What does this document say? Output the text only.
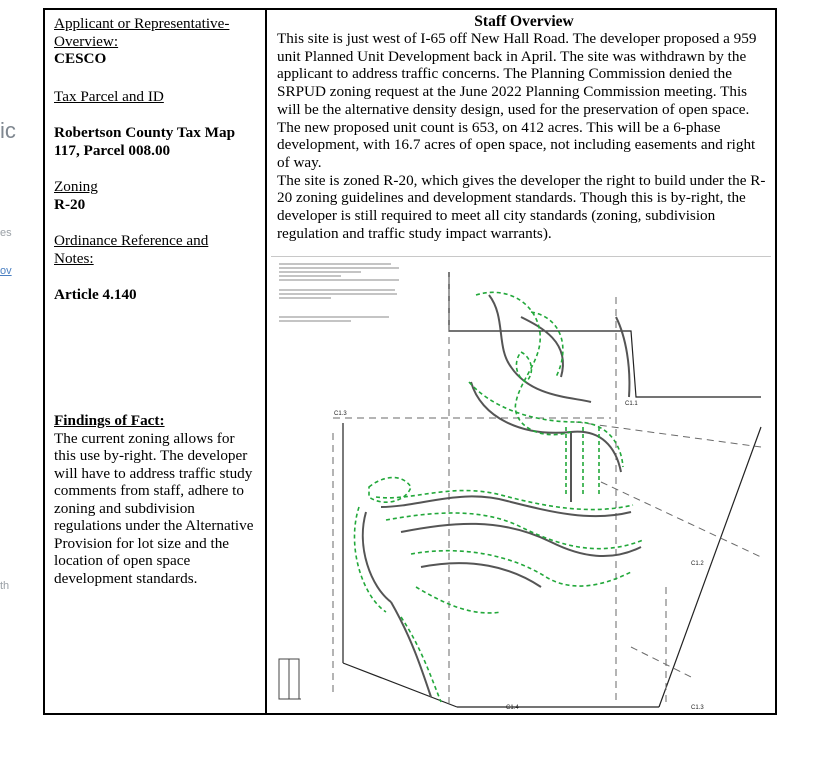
ic
es
ov
th
Applicant or Representative-Overview:
CESCO
Tax Parcel and ID
Robertson County Tax Map 117, Parcel 008.00
Zoning
R-20
Ordinance Reference and Notes:
Article 4.140
Findings of Fact:
The current zoning allows for this use by-right. The developer will have to address traffic study comments from staff, adhere to zoning and subdivision regulations under the Alternative Provision for lot size and the location of open space development standards.
Staff Overview
This site is just west of I-65 off New Hall Road. The developer proposed a 959 unit Planned Unit Development back in April. The site was withdrawn by the applicant to address traffic concerns. The Planning Commission denied the SRPUD zoning request at the June 2022 Planning Commission meeting. This will be the alternative density design, used for the preservation of open space. The new proposed unit count is 653, on 412 acres. This will be a 6-phase development, with 16.7 acres of open space, not including easements and right of way.
The site is zoned R-20, which gives the developer the right to build under the R-20 zoning guidelines and development standards. Though this is by-right, the developer is still required to meet all city standards (zoning, subdivision regulation and traffic study impact warrants).
C1.3
C1.1
C1.2
C1.4	C1.3
